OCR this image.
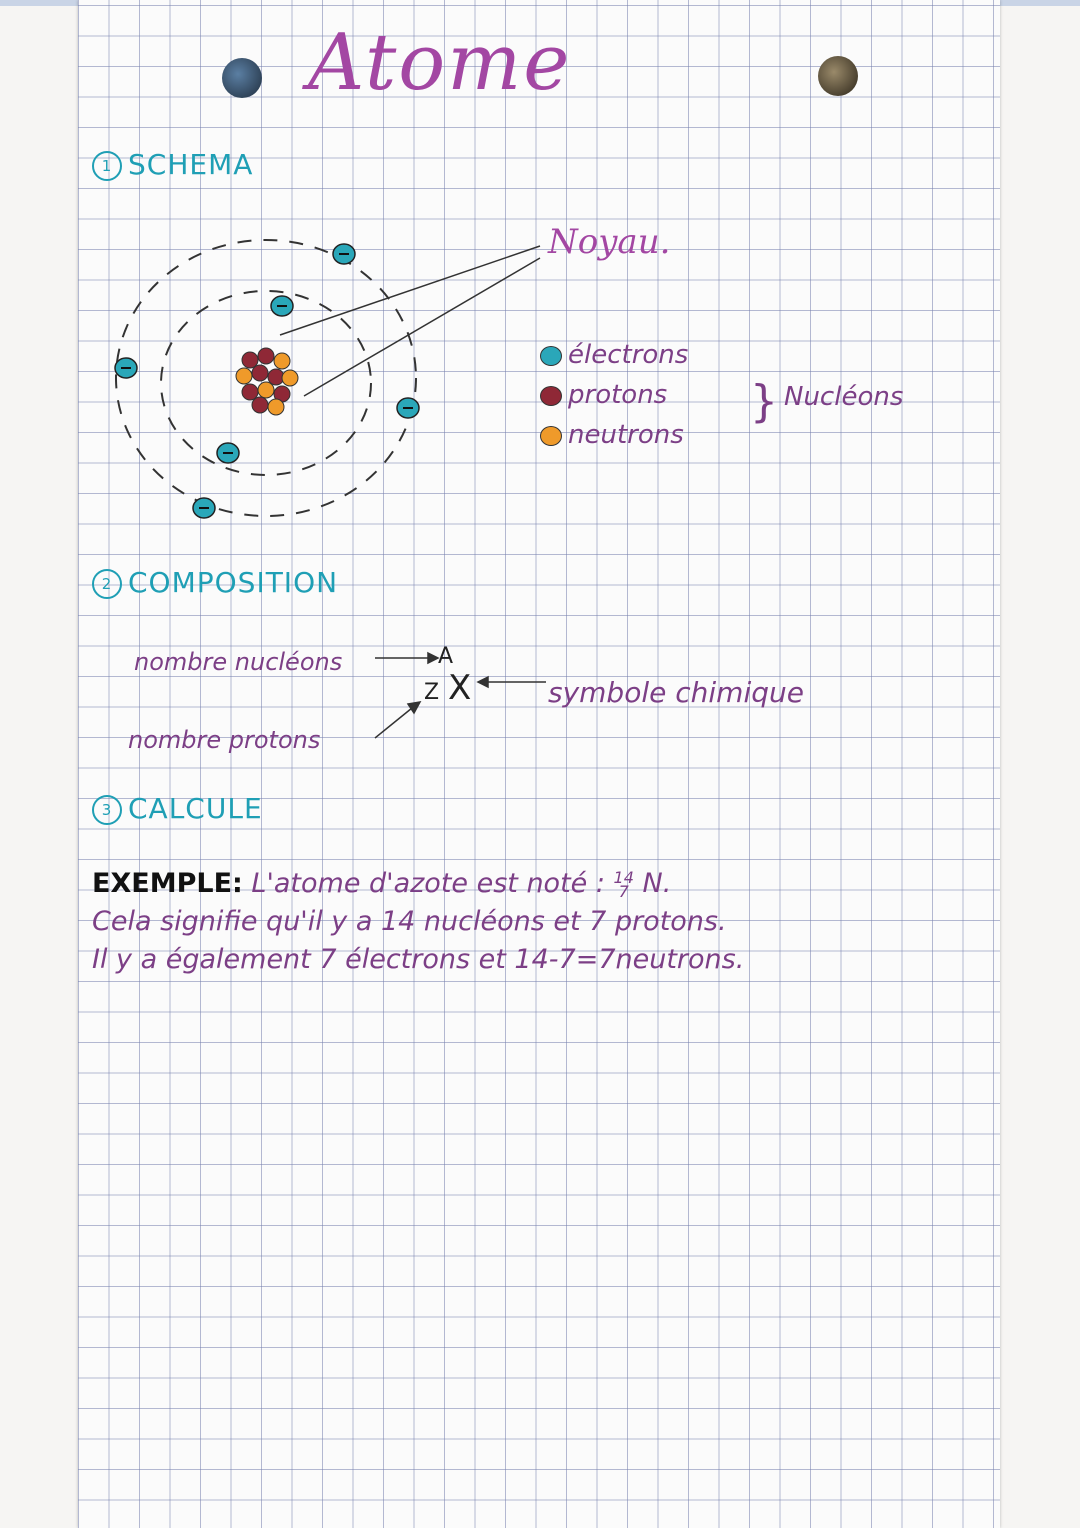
Atome
1 SCHEMA
Noyau.
électrons
protons
neutrons
} Nucléons
2 COMPOSITION
nombre nucléons
nombre protons
A
Z X	symbole chimique
3 CALCULE
EXEMPLE: L'atome d'azote est noté : 14
7 N.
Cela signifie qu'il y a 14 nucléons et 7 protons.
Il y a également 7 électrons et 14-7=7neutrons.
